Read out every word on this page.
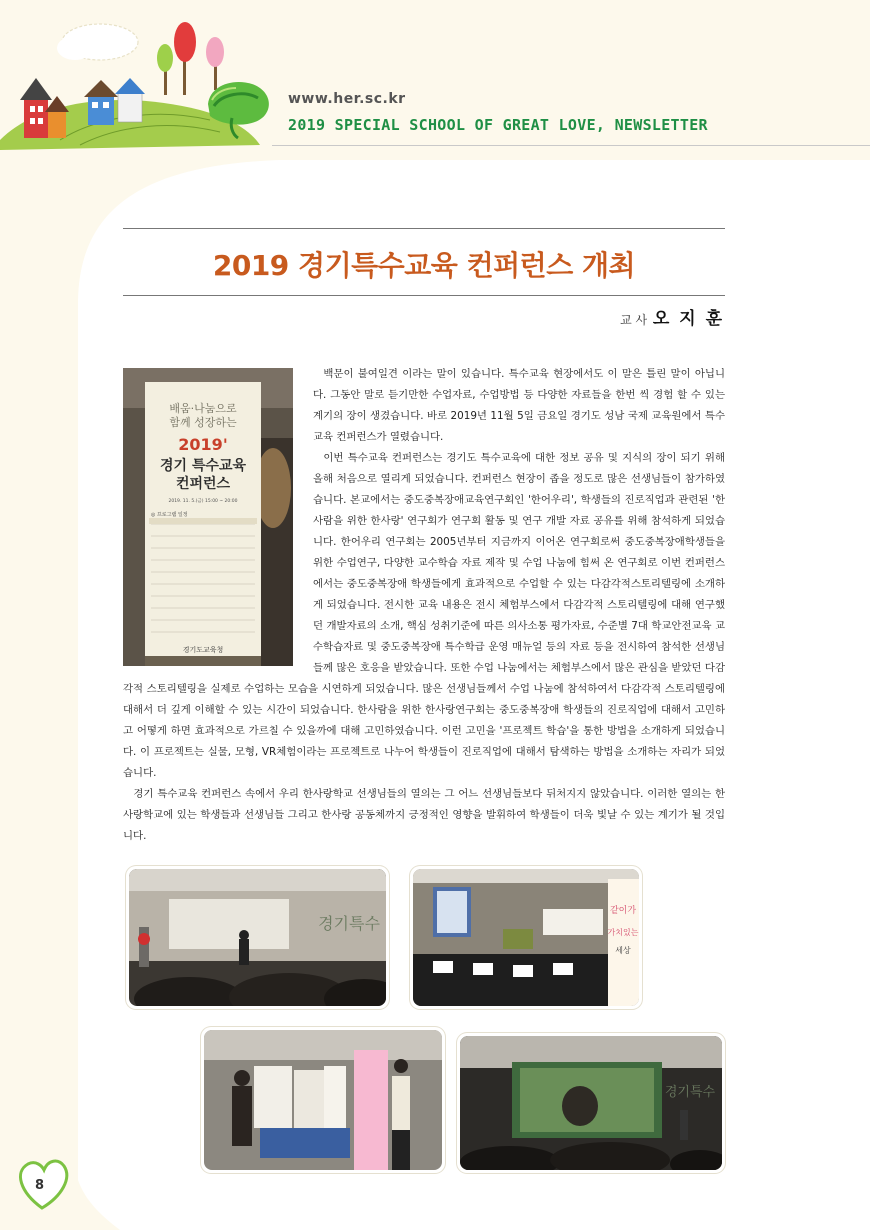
www.her.sc.kr
2019 SPECIAL SCHOOL OF GREAT LOVE, NEWSLETTER
2019 경기특수교육 컨퍼런스 개최
교 사 오 지 훈
배움·나눔으로
함께 성장하는
2019'
경기 특수교육
컨퍼런스
2019. 11. 5.(금) 15:00 ~ 20:00
◎ 프로그램 일정
경기도교육청

백문이 불여일견 이라는 말이 있습니다. 특수교육 현장에서도 이 말은 틀린 말이 아닙니다. 그동안 말로 듣기만한 수업자료, 수업방법 등 다양한 자료들을 한번 씩 경험 할 수 있는 계기의 장이 생겼습니다. 바로 2019년 11월 5일 금요일 경기도 성남 국제 교육원에서 특수교육 컨퍼런스가 열렸습니다.

이번 특수교육 컨퍼런스는 경기도 특수교육에 대한 정보 공유 및 지식의 장이 되기 위해 올해 처음으로 열리게 되었습니다. 컨퍼런스 현장이 좁을 정도로 많은 선생님들이 참가하였습니다. 본교에서는 중도중복장애교육연구회인 '한어우리', 학생들의 진로직업과 관련된 '한사람을 위한 한사랑' 연구회가 연구회 활동 및 연구 개발 자료 공유를 위해 참석하게 되었습니다. 한어우리 연구회는 2005년부터 지금까지 이어온 연구회로써 중도중복장애학생들을 위한 수업연구, 다양한 교수학습 자료 제작 및 수업 나눔에 힘써 온 연구회로 이번 컨퍼런스에서는 중도중복장애 학생들에게 효과적으로 수업할 수 있는 다감각적스토리텔링에 소개하게 되었습니다. 전시한 교육 내용은 전시 체험부스에서 다감각적 스토리텔링에 대해 연구했던 개발자료의 소개, 핵심 성취기준에 따른 의사소통 평가자료, 수준별 7대 학교안전교육 교수학습자료 및 중도중복장애 특수학급 운영 매뉴얼 등의 자료 등을 전시하여 참석한 선생님들께 많은 호응을 받았습니다. 또한 수업 나눔에서는 체험부스에서 많은 관심을 받았던 다감각적 스토리텔링을 실제로 수업하는 모습을 시연하게 되었습니다. 많은 선생님들께서 수업 나눔에 참석하여서 다감각적 스토리텔링에 대해서 더 깊게 이해할 수 있는 시간이 되었습니다. 한사람을 위한 한사랑연구회는 중도중복장애 학생들의 진로직업에 대해서 고민하고 어떻게 하면 효과적으로 가르칠 수 있을까에 대해 고민하였습니다. 이런 고민을 '프로젝트 학습'을 통한 방법을 소개하게 되었습니다. 이 프로젝트는 실물, 모형, VR체험이라는 프로젝트로 나누어 학생들이 진로직업에 대해서 탐색하는 방법을 소개하는 자리가 되었습니다.

경기 특수교육 컨퍼런스 속에서 우리 한사랑학교 선생님들의 열의는 그 어느 선생님들보다 뒤처지지 않았습니다. 이러한 열의는 한사랑학교에 있는 학생들과 선생님들 그리고 한사랑 공동체까지 긍정적인 영향을 발휘하여 학생들이 더욱 빛날 수 있는 계기가 될 것입니다.

경기특수
같이가
가치있는
세상
경기특수
8
